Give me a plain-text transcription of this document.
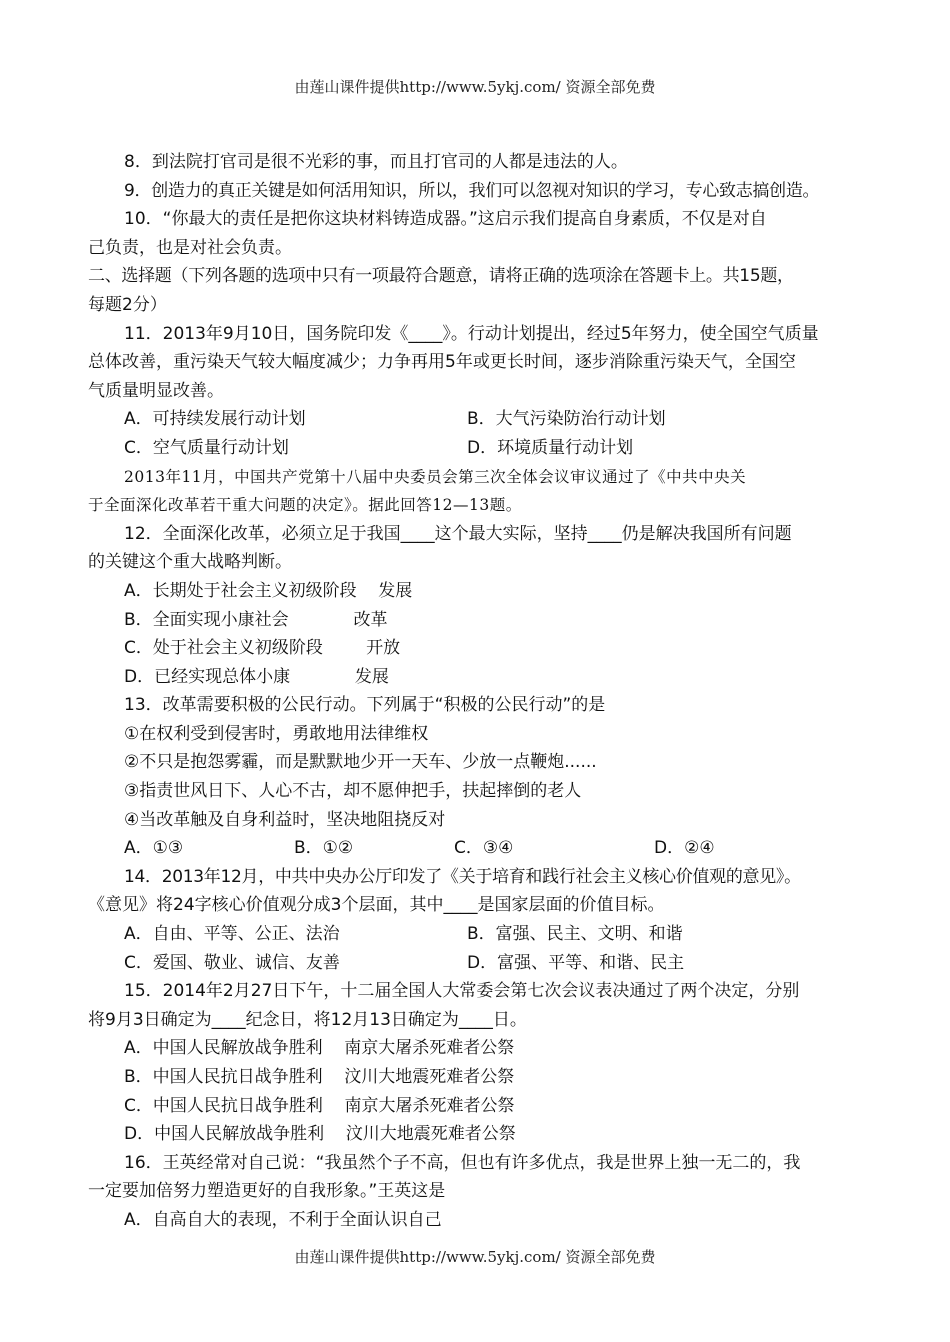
由莲山课件提供http://www.5ykj.com/ 资源全部免费

8．到法院打官司是很不光彩的事，而且打官司的人都是违法的人。

9．创造力的真正关键是如何活用知识，所以，我们可以忽视对知识的学习，专心致志搞创造。

10．“你最大的责任是把你这块材料铸造成器。”这启示我们提高自身素质，不仅是对自

己负责，也是对社会负责。

二、选择题（下列各题的选项中只有一项最符合题意，请将正确的选项涂在答题卡上。共15题，

每题2分）

11．2013年9月10日，国务院印发《____》。行动计划提出，经过5年努力，使全国空气质量

总体改善，重污染天气较大幅度减少；力争再用5年或更长时间，逐步消除重污染天气，全国空

气质量明显改善。

A．可持续发展行动计划	B．大气污染防治行动计划
C．空气质量行动计划	D．环境质量行动计划

2013年11月，中国共产党第十八届中央委员会第三次全体会议审议通过了《中共中央关

于全面深化改革若干重大问题的决定》。据此回答12—13题。

12．全面深化改革，必须立足于我国____这个最大实际，坚持____仍是解决我国所有问题

的关键这个重大战略判断。

A．长期处于社会主义初级阶段    发展

B．全面实现小康社会            改革

C．处于社会主义初级阶段        开放

D．已经实现总体小康            发展

13．改革需要积极的公民行动。下列属于“积极的公民行动”的是

①在权利受到侵害时，勇敢地用法律维权

②不只是抱怨雾霾，而是默默地少开一天车、少放一点鞭炮......

③指责世风日下、人心不古，却不愿伸把手，扶起摔倒的老人

④当改革触及自身利益时，坚决地阻挠反对

A．①③	B．①②	C．③④	D．②④

14．2013年12月，中共中央办公厅印发了《关于培育和践行社会主义核心价值观的意见》。

《意见》将24字核心价值观分成3个层面，其中____是国家层面的价值目标。

A．自由、平等、公正、法治	B．富强、民主、文明、和谐
C．爱国、敬业、诚信、友善	D．富强、平等、和谐、民主

15．2014年2月27日下午，十二届全国人大常委会第七次会议表决通过了两个决定，分别

将9月3日确定为____纪念日，将12月13日确定为____日。

A．中国人民解放战争胜利    南京大屠杀死难者公祭

B．中国人民抗日战争胜利    汶川大地震死难者公祭

C．中国人民抗日战争胜利    南京大屠杀死难者公祭

D．中国人民解放战争胜利    汶川大地震死难者公祭

16．王英经常对自己说：“我虽然个子不高，但也有许多优点，我是世界上独一无二的，我

一定要加倍努力塑造更好的自我形象。”王英这是

A．自高自大的表现，不利于全面认识自己

由莲山课件提供http://www.5ykj.com/ 资源全部免费
